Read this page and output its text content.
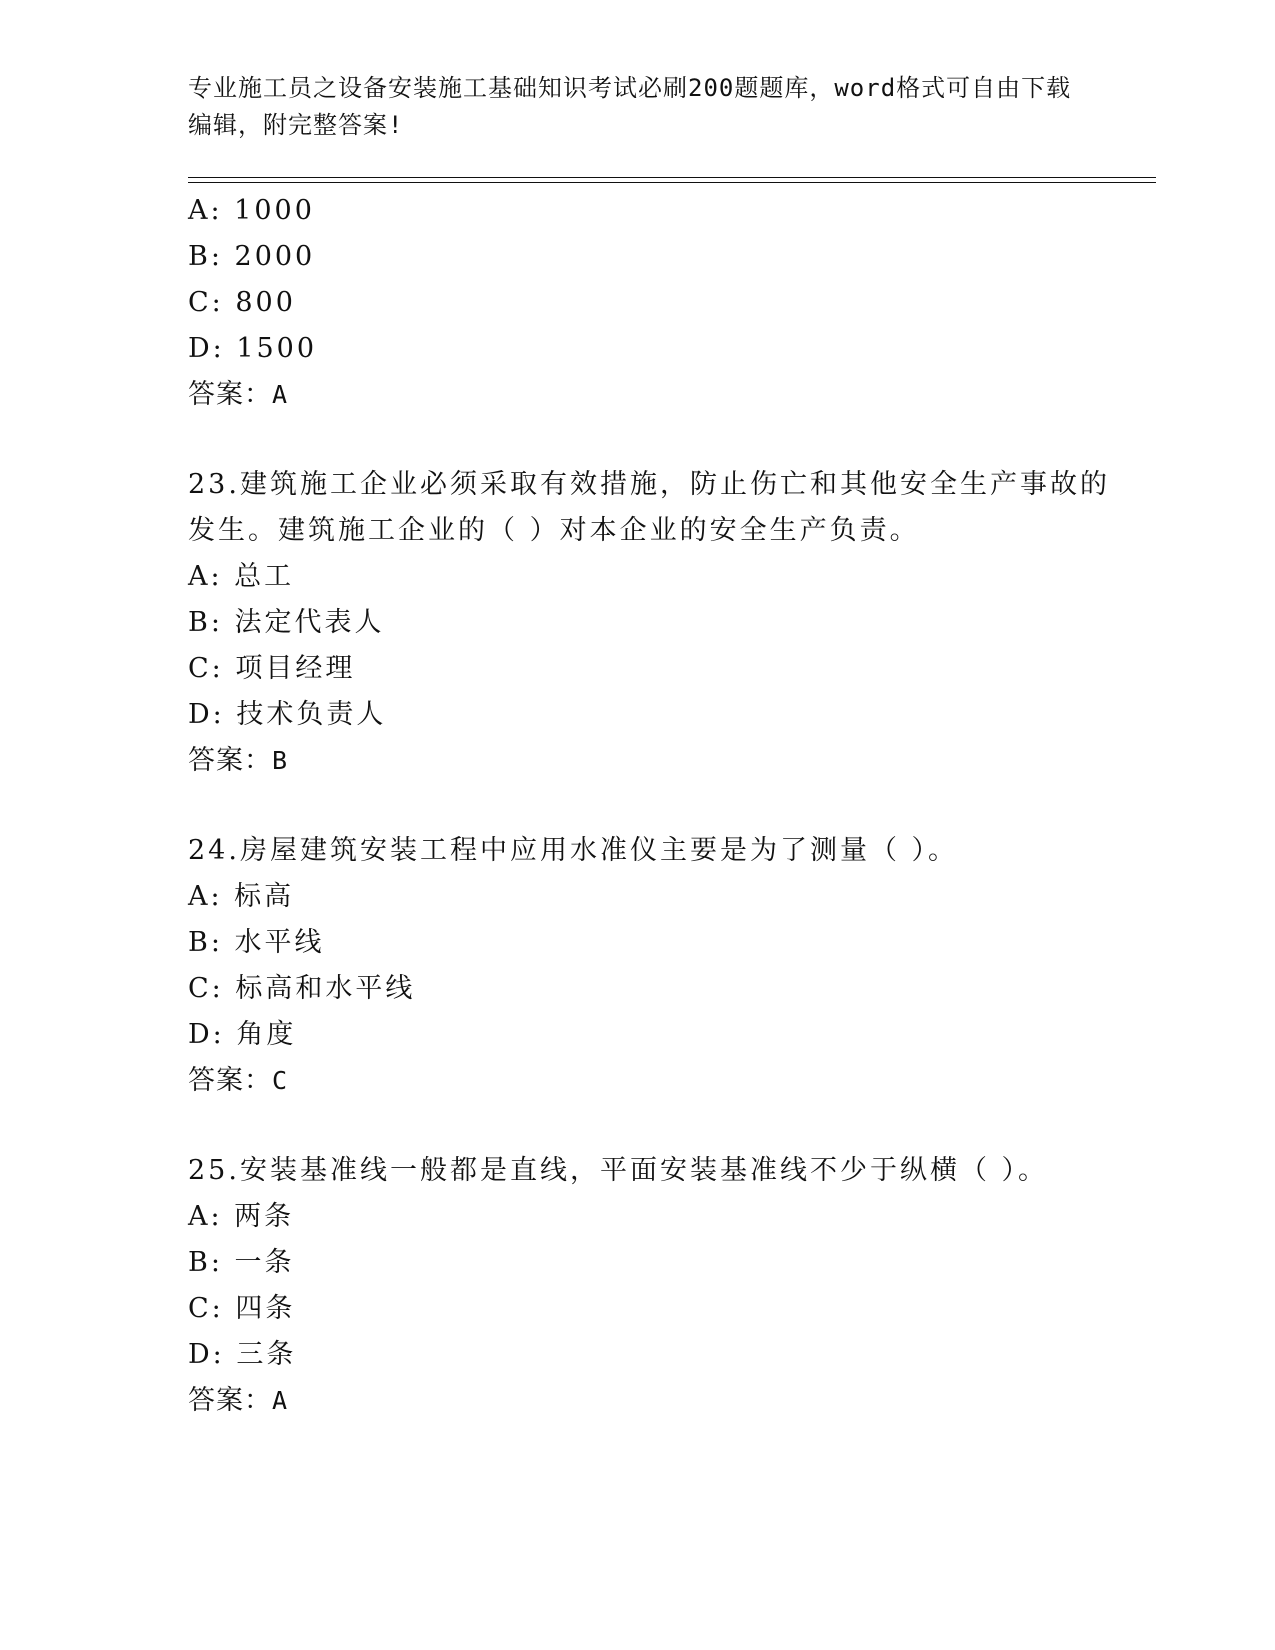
专业施工员之设备安装施工基础知识考试必刷200题题库，word格式可自由下载
编辑，附完整答案!
A: 1000
B: 2000
C: 800
D: 1500
答案：A
23.建筑施工企业必须采取有效措施，防止伤亡和其他安全生产事故的
发生。建筑施工企业的（ ）对本企业的安全生产负责。
A: 总工
B: 法定代表人
C: 项目经理
D: 技术负责人
答案：B
24.房屋建筑安装工程中应用水准仪主要是为了测量（ ）。
A: 标高
B: 水平线
C: 标高和水平线
D: 角度
答案：C
25.安装基准线一般都是直线，平面安装基准线不少于纵横（ ）。
A: 两条
B: 一条
C: 四条
D: 三条
答案：A
